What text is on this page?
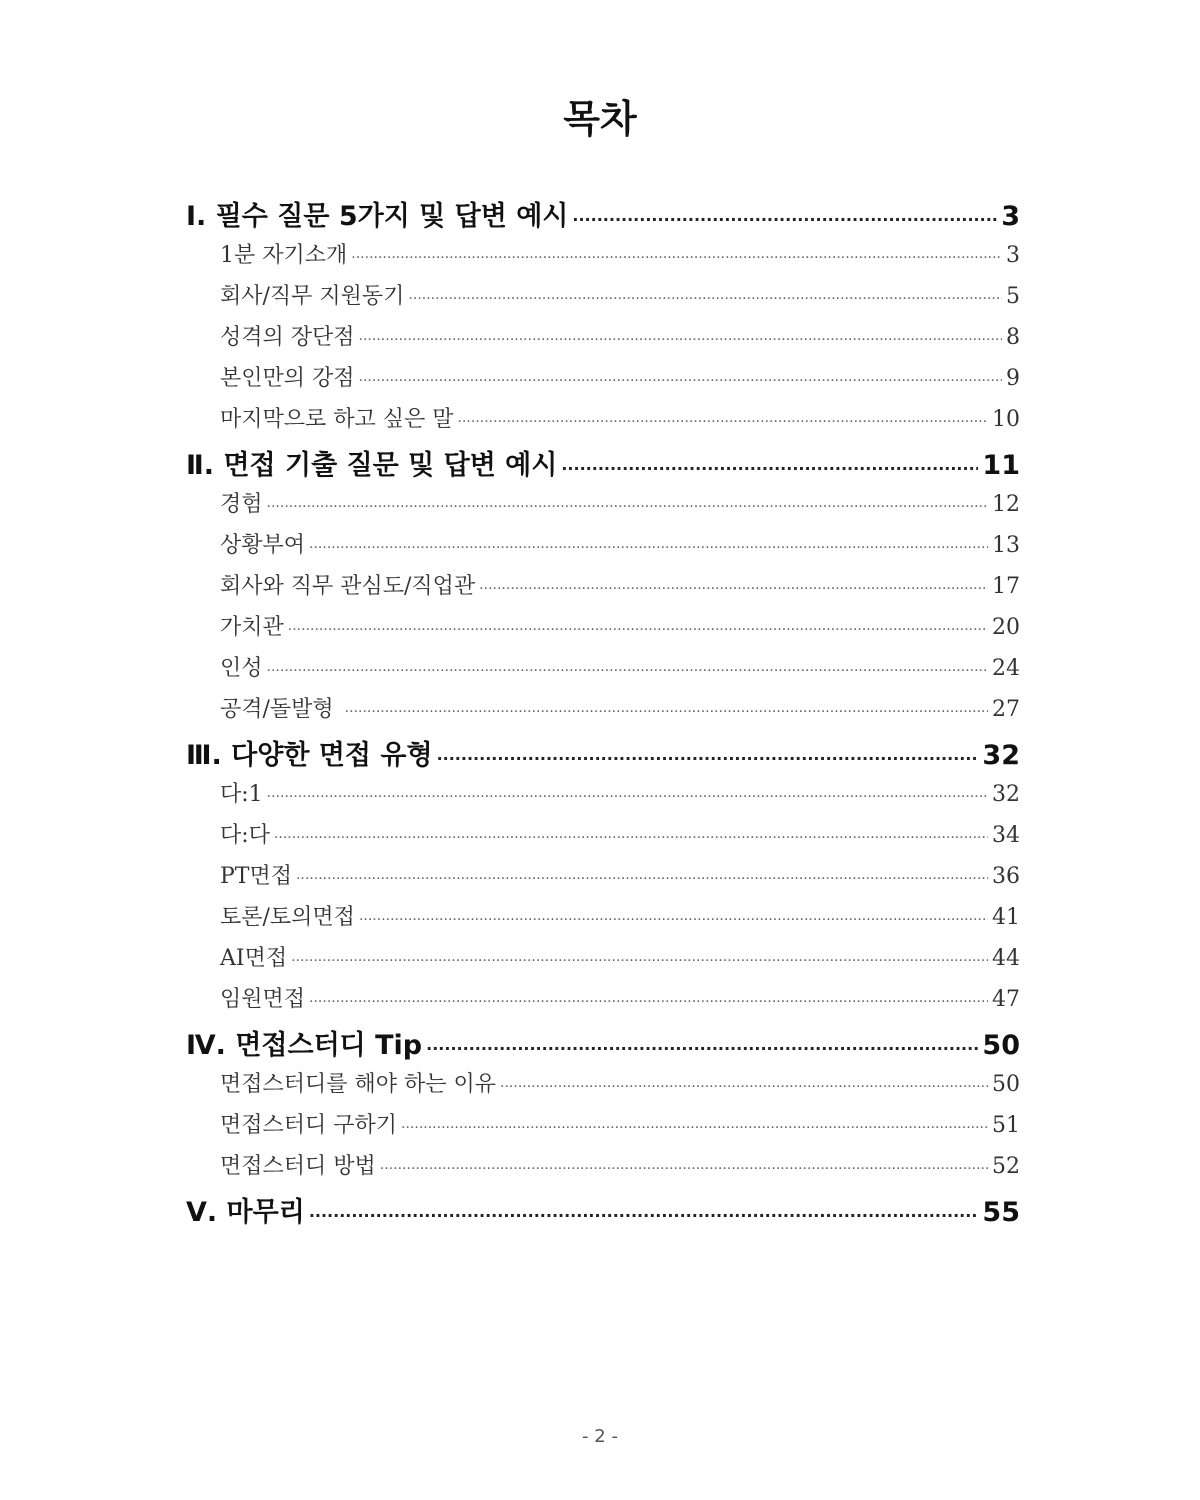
목차
Ⅰ. 필수 질문 5가지 및 답변 예시 ·····	3
1분 자기소개 ·····	3
회사/직무 지원동기 ·····	5
성격의 장단점 ·····	8
본인만의 강점 ·····	9
마지막으로 하고 싶은 말 ·····	10
Ⅱ. 면접 기출 질문 및 답변 예시 ·····	11
경험 ·····	12
상황부여 ·····	13
회사와 직무 관심도/직업관 ·····	17
가치관 ·····	20
인성 ·····	24
공격/돌발형 ·····	27
Ⅲ. 다양한 면접 유형 ·····	32
다:1 ·····	32
다:다 ·····	34
PT면접 ·····	36
토론/토의면접 ·····	41
AI면접 ·····	44
임원면접 ·····	47
Ⅳ. 면접스터디 Tip ·····	50
면접스터디를 해야 하는 이유 ·····	50
면접스터디 구하기 ·····	51
면접스터디 방법 ·····	52
Ⅴ. 마무리 ·····	55
- 2 -
